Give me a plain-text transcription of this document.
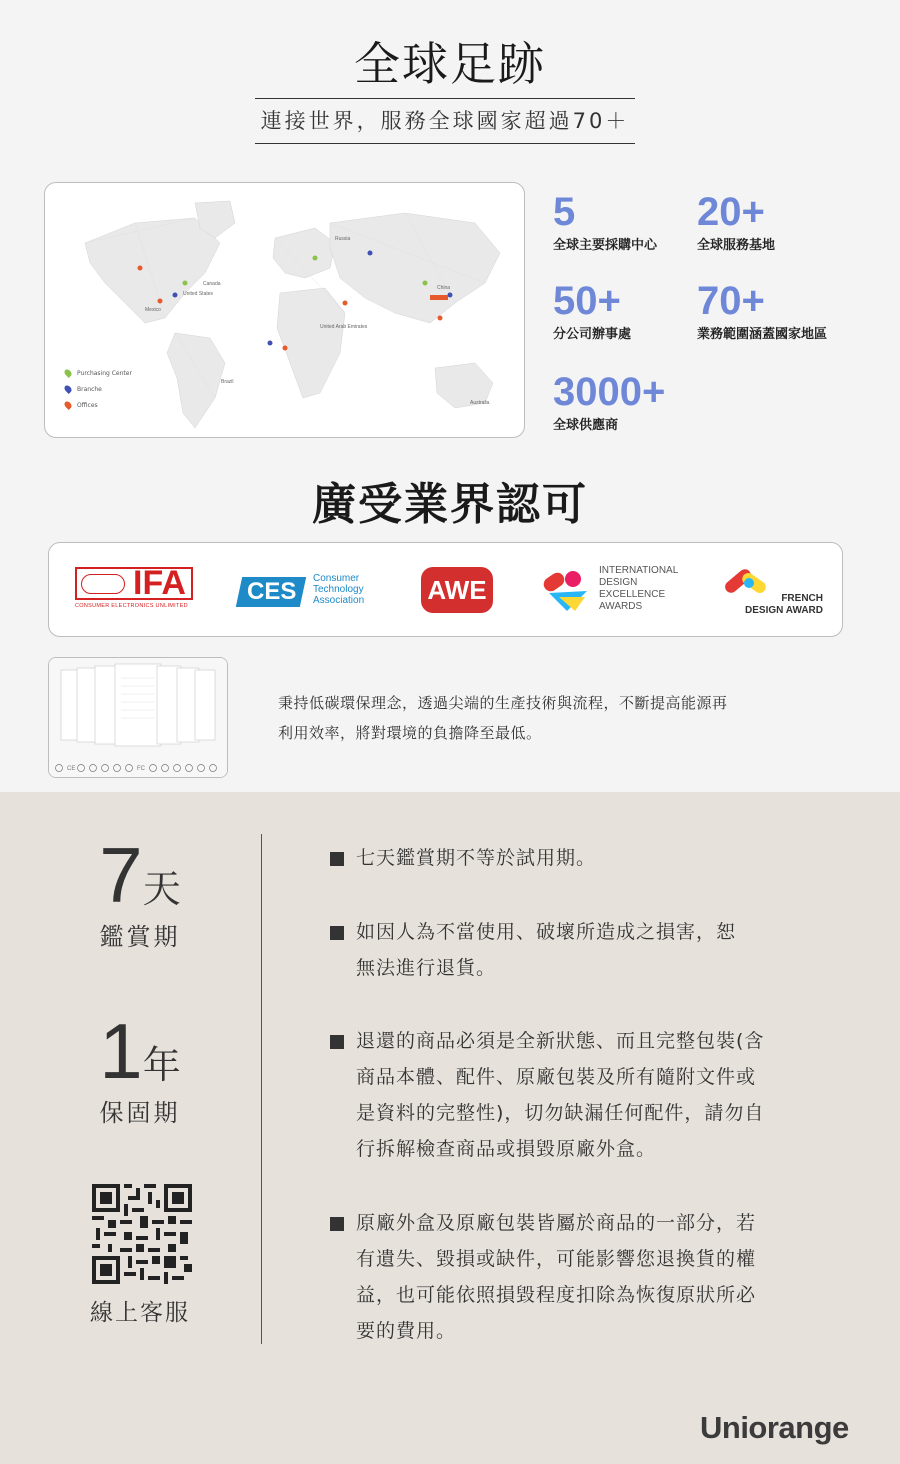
全球足跡
連接世界，服務全球國家超過70＋
Russia
Canada
United States
China
United Arab Emirates
Mexico
Brazil
Australia
Purchasing Center
Branche
Offices
5
全球主要採購中心
20+
全球服務基地
50+
分公司辦事處
70+
業務範圍涵蓋國家地區
3000+
全球供應商
廣受業界認可
IFA
CONSUMER ELECTRONICS UNLIMITED
CES Consumer
Technology
Association AWE
INTERNATIONAL
DESIGN
EXCELLENCE
AWARDS
FRENCH
DESIGN AWARD
CE	FC
秉持低碳環保理念，透過尖端的生產技術與流程，不斷提高能源再
利用效率，將對環境的負擔降至最低。
7天
鑑賞期
1年
保固期
線上客服
七天鑑賞期不等於試用期。
如因人為不當使用、破壞所造成之損害，恕
無法進行退貨。
退還的商品必須是全新狀態、而且完整包裝(含
商品本體、配件、原廠包裝及所有隨附文件或
是資料的完整性)，切勿缺漏任何配件，請勿自
行拆解檢查商品或損毀原廠外盒。
原廠外盒及原廠包裝皆屬於商品的一部分，若
有遺失、毀損或缺件，可能影響您退換貨的權
益，也可能依照損毀程度扣除為恢復原狀所必
要的費用。
Uniorange
